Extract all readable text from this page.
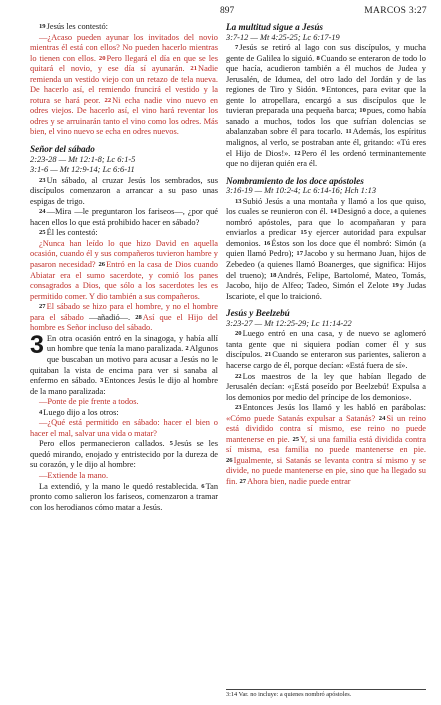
897	MARCOS 3:27

19Jesús les contestó:

—¿Acaso pueden ayunar los invitados del novio mientras él está con ellos? No pueden hacerlo mientras lo tienen con ellos. 20Pero llegará el día en que se les quitará el novio, y ese día sí ayunarán. 21Nadie remienda un vestido viejo con un retazo de tela nueva. De hacerlo así, el remiendo fruncirá el vestido y la rotura se hará peor. 22Ni echa nadie vino nuevo en odres viejos. De hacerlo así, el vino hará reventar los odres y se arruinarán tanto el vino como los odres. Más bien, el vino nuevo se echa en odres nuevos.

Señor del sábado

2:23-28 — Mt 12:1-8; Lc 6:1-5

3:1-6 — Mt 12:9-14; Lc 6:6-11

23Un sábado, al cruzar Jesús los sembrados, sus discípulos comenzaron a arrancar a su paso unas espigas de trigo.

24—Mira —le preguntaron los fariseos—, ¿por qué hacen ellos lo que está prohibido hacer en sábado?

25Él les contestó:

¿Nunca han leído lo que hizo David en aquella ocasión, cuando él y sus compañeros tuvieron hambre y pasaron necesidad? 26Entró en la casa de Dios cuando Abiatar era el sumo sacerdote, y comió los panes consagrados a Dios, que sólo a los sacerdotes les es permitido comer. Y dio también a sus compañeros.

27El sábado se hizo para el hombre, y no el hombre para el sábado —añadió—. 28Así que el Hijo del hombre es Señor incluso del sábado.

3 En otra ocasión entró en la sinagoga, y había allí un hombre que tenía la mano paralizada. 2Algunos que buscaban un motivo para acusar a Jesús no le quitaban la vista de encima para ver si sanaba al enfermo en sábado. 3Entonces Jesús le dijo al hombre de la mano paralizada:

—Ponte de pie frente a todos.

4Luego dijo a los otros:

—¿Qué está permitido en sábado: hacer el bien o hacer el mal, salvar una vida o matar?

Pero ellos permanecieron callados. 5Jesús se les quedó mirando, enojado y entristecido por la dureza de su corazón, y le dijo al hombre:

—Extiende la mano.

La extendió, y la mano le quedó restablecida. 6Tan pronto como salieron los fariseos, comenzaron a tramar con los herodianos cómo matar a Jesús.

La multitud sigue a Jesús

3:7-12 — Mt 4:25-25; Lc 6:17-19

7Jesús se retiró al lago con sus discípulos, y mucha gente de Galilea lo siguió. 8Cuando se enteraron de todo lo que hacía, acudieron también a él muchos de Judea y Jerusalén, de Idumea, del otro lado del Jordán y de las regiones de Tiro y Sidón. 9Entonces, para evitar que la gente lo atropellara, encargó a sus discípulos que le tuvieran preparada una pequeña barca; 10pues, como había sanado a muchos, todos los que sufrían dolencias se abalanzaban sobre él para tocarlo. 11Además, los espíritus malignos, al verlo, se postraban ante él, gritando: «Tú eres el Hijo de Dios!». 12Pero él les ordenó terminantemente que no dijeran quién era él.

Nombramiento de los doce apóstoles

3:16-19 — Mt 10:2-4; Lc 6:14-16; Hch 1:13

13Subió Jesús a una montaña y llamó a los que quiso, los cuales se reunieron con él. 14Designó a doce, a quienes nombró apóstoles, para que lo acompañaran y para enviarlos a predicar 15y ejercer autoridad para expulsar demonios. 16Éstos son los doce que él nombró: Simón (a quien llamó Pedro); 17Jacobo y su hermano Juan, hijos de Zebedeo (a quienes llamó Boanerges, que significa: Hijos del trueno); 18Andrés, Felipe, Bartolomé, Mateo, Tomás, Jacobo, hijo de Alfeo; Tadeo, Simón el Zelote 19y Judas Iscariote, el que lo traicionó.

Jesús y Beelzebú

3:23-27 — Mt 12:25-29; Lc 11:14-22

20Luego entró en una casa, y de nuevo se aglomeró tanta gente que ni siquiera podían comer él y sus discípulos. 21Cuando se enteraron sus parientes, salieron a hacerse cargo de él, porque decían: «Está fuera de sí».

22Los maestros de la ley que habían llegado de Jerusalén decían: «¡Está poseído por Beelzebú! Expulsa a los demonios por medio del príncipe de los demonios».

23Entonces Jesús los llamó y les habló en parábolas: «Cómo puede Satanás expulsar a Satanás? 24Si un reino está dividido contra sí mismo, ese reino no puede mantenerse en pie. 25Y, si una familia está dividida contra sí misma, esa familia no puede mantenerse en pie. 26Igualmente, si Satanás se levanta contra sí mismo y se divide, no puede mantenerse en pie, sino que ha llegado su fin. 27Ahora bien, nadie puede entrar

3:14 Var. no incluye: a quienes nombró apóstoles.
